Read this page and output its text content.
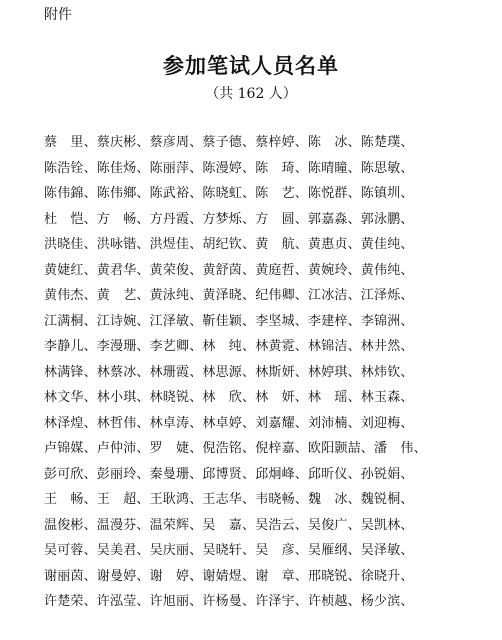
附件
参加笔试人员名单
（共 162 人）
蔡　里、蔡庆彬、蔡彦周、蔡子德、蔡梓婷、陈　冰、陈楚璞、
陈浩铨、陈佳炀、陈丽萍、陈漫婷、陈　琦、陈晴瞳、陈思敏、
陈伟錦、陈伟鄉、陈武裕、陈晓虹、陈　艺、陈悦群、陈镇圳、
杜　恺、方　畅、方丹霞、方梦烁、方　圆、郭嘉淼、郭泳鹏、
洪晓佳、洪咏锴、洪煜佳、胡纪钦、黄　航、黄惠贞、黄佳纯、
黄婕红、黄君华、黄荣俊、黄舒茵、黄庭哲、黄婉玲、黄伟纯、
黄伟杰、黄　艺、黄泳纯、黄泽晓、纪伟卿、江冰洁、江泽烁、
江满桐、江诗婉、江泽敏、靳佳颖、李坚城、李建梓、李锦洲、
李静儿、李漫珊、李艺卿、林　纯、林黄霓、林锦洁、林井然、
林满锋、林蔡冰、林珊霞、林思源、林斯妍、林婷琪、林炜钦、
林文华、林小琪、林晓锐、林　欣、林　妍、林　瑶、林玉森、
林泽煌、林哲伟、林卓涛、林卓婷、刘嘉耀、刘沛楠、刘迎梅、
卢锦媒、卢仲沛、罗　婕、倪浩铭、倪梓嘉、欧阳颢喆、潘　伟、
彭可欣、彭丽玲、秦曼珊、邱博贤、邱炯峰、邱昕仪、孙锐娟、
王　畅、王　超、王耿鸿、王志华、韦晓畅、魏　冰、魏锐桐、
温俊彬、温漫芬、温荣辉、吴　嘉、吴浩云、吴俊广、吴凯林、
吴可蓉、吴美君、吴庆丽、吴晓轩、吴　彦、吴雁纲、吴泽敏、
谢丽茵、谢曼婷、谢　婷、谢婧煜、谢　章、邢晓锐、徐晓升、
许楚荣、许泓莹、许旭丽、许杨曼、许泽宇、许桢越、杨少滨、
